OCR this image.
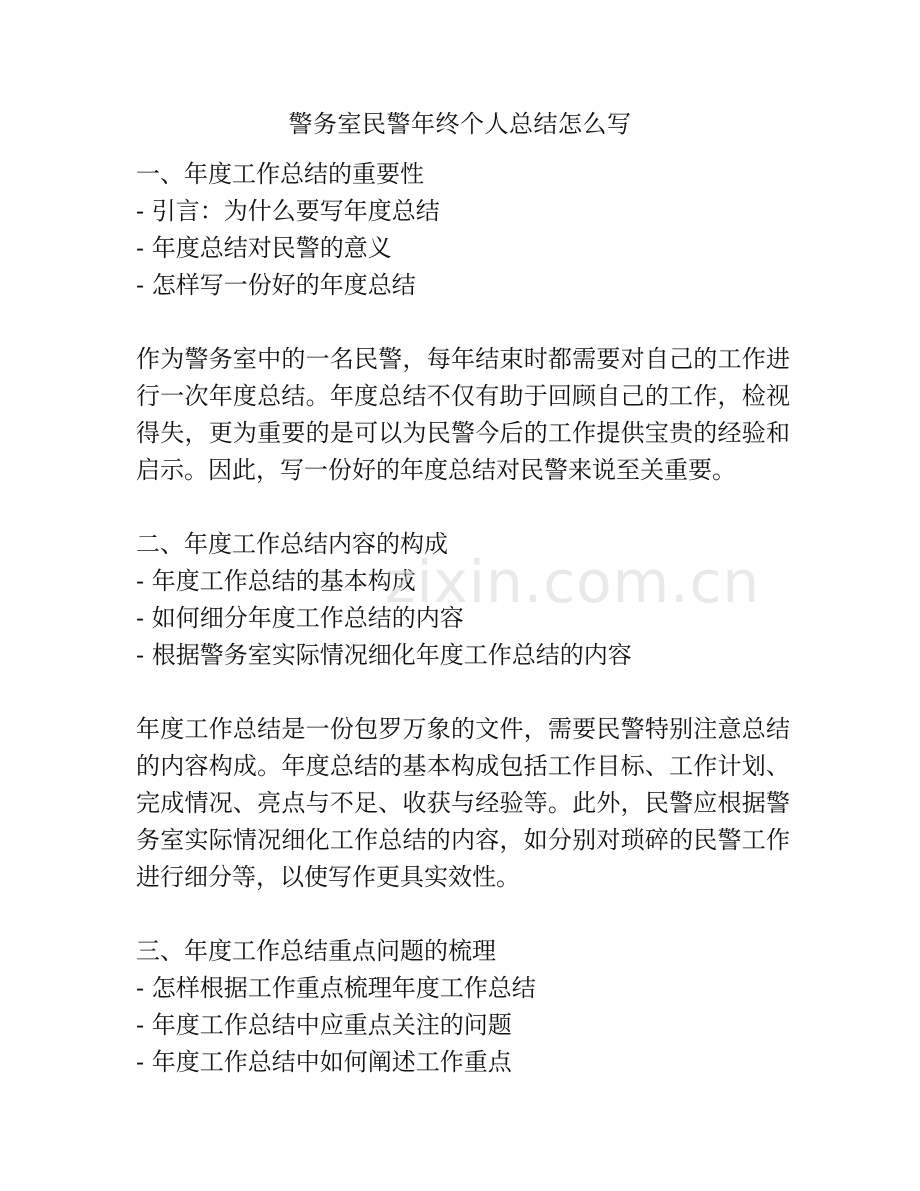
警务室民警年终个人总结怎么写
一、年度工作总结的重要性
- 引言：为什么要写年度总结
- 年度总结对民警的意义
- 怎样写一份好的年度总结

作为警务室中的一名民警，每年结束时都需要对自己的工作进行一次年度总结。年度总结不仅有助于回顾自己的工作，检视得失，更为重要的是可以为民警今后的工作提供宝贵的经验和启示。因此，写一份好的年度总结对民警来说至关重要。

二、年度工作总结内容的构成
- 年度工作总结的基本构成
- 如何细分年度工作总结的内容
- 根据警务室实际情况细化年度工作总结的内容

年度工作总结是一份包罗万象的文件，需要民警特别注意总结的内容构成。年度总结的基本构成包括工作目标、工作计划、完成情况、亮点与不足、收获与经验等。此外，民警应根据警务室实际情况细化工作总结的内容，如分别对琐碎的民警工作进行细分等，以使写作更具实效性。

三、年度工作总结重点问题的梳理
- 怎样根据工作重点梳理年度工作总结
- 年度工作总结中应重点关注的问题
- 年度工作总结中如何阐述工作重点
zixin.com.cn
